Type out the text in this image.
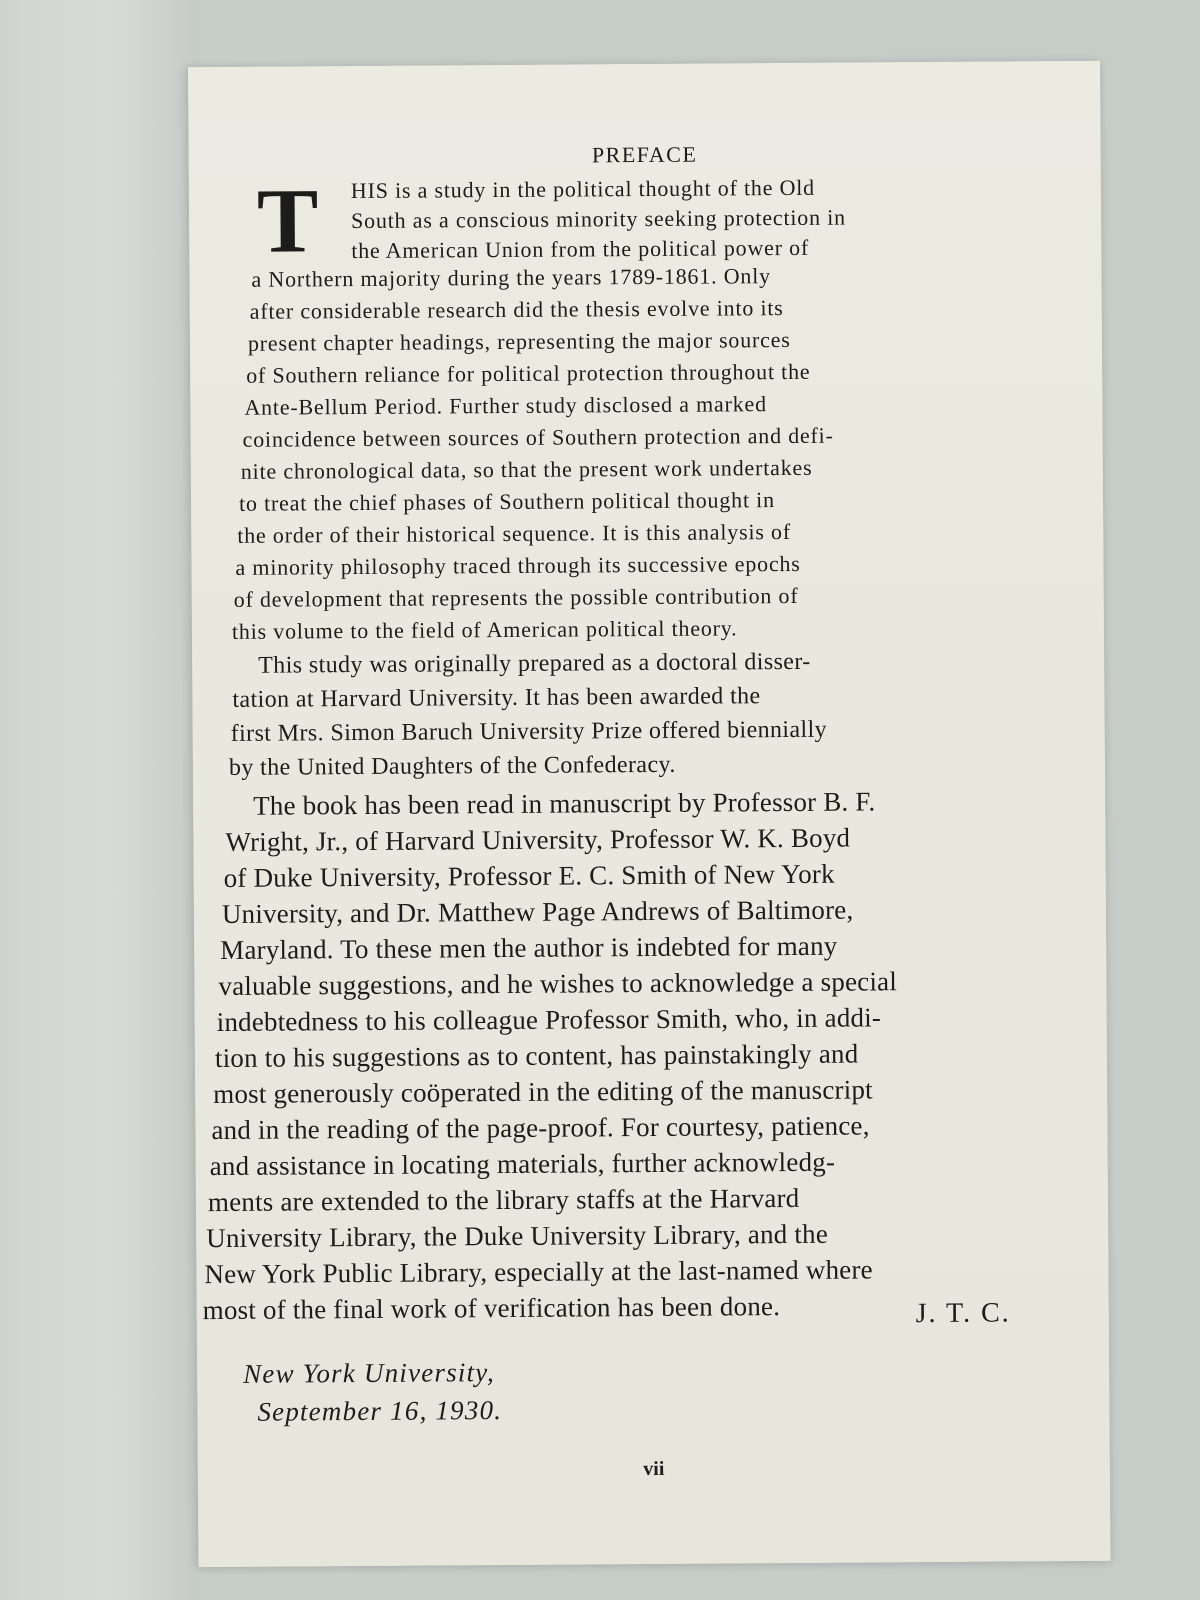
PREFACE
T HIS is a study in the political thought of the Old
South as a conscious minority seeking protection in
the American Union from the political power of
a Northern majority during the years 1789-1861. Only
after considerable research did the thesis evolve into its
present chapter headings, representing the major sources
of Southern reliance for political protection throughout the
Ante-Bellum Period. Further study disclosed a marked
coincidence between sources of Southern protection and defi-
nite chronological data, so that the present work undertakes
to treat the chief phases of Southern political thought in
the order of their historical sequence. It is this analysis of
a minority philosophy traced through its successive epochs
of development that represents the possible contribution of
this volume to the field of American political theory.
This study was originally prepared as a doctoral disser-
tation at Harvard University. It has been awarded the
first Mrs. Simon Baruch University Prize offered biennially
by the United Daughters of the Confederacy.
The book has been read in manuscript by Professor B. F.
Wright, Jr., of Harvard University, Professor W. K. Boyd
of Duke University, Professor E. C. Smith of New York
University, and Dr. Matthew Page Andrews of Baltimore,
Maryland. To these men the author is indebted for many
valuable suggestions, and he wishes to acknowledge a special
indebtedness to his colleague Professor Smith, who, in addi-
tion to his suggestions as to content, has painstakingly and
most generously coöperated in the editing of the manuscript
and in the reading of the page-proof. For courtesy, patience,
and assistance in locating materials, further acknowledg-
ments are extended to the library staffs at the Harvard
University Library, the Duke University Library, and the
New York Public Library, especially at the last-named where
most of the final work of verification has been done.	J. T. C.
New York University,
September 16, 1930.
vii
